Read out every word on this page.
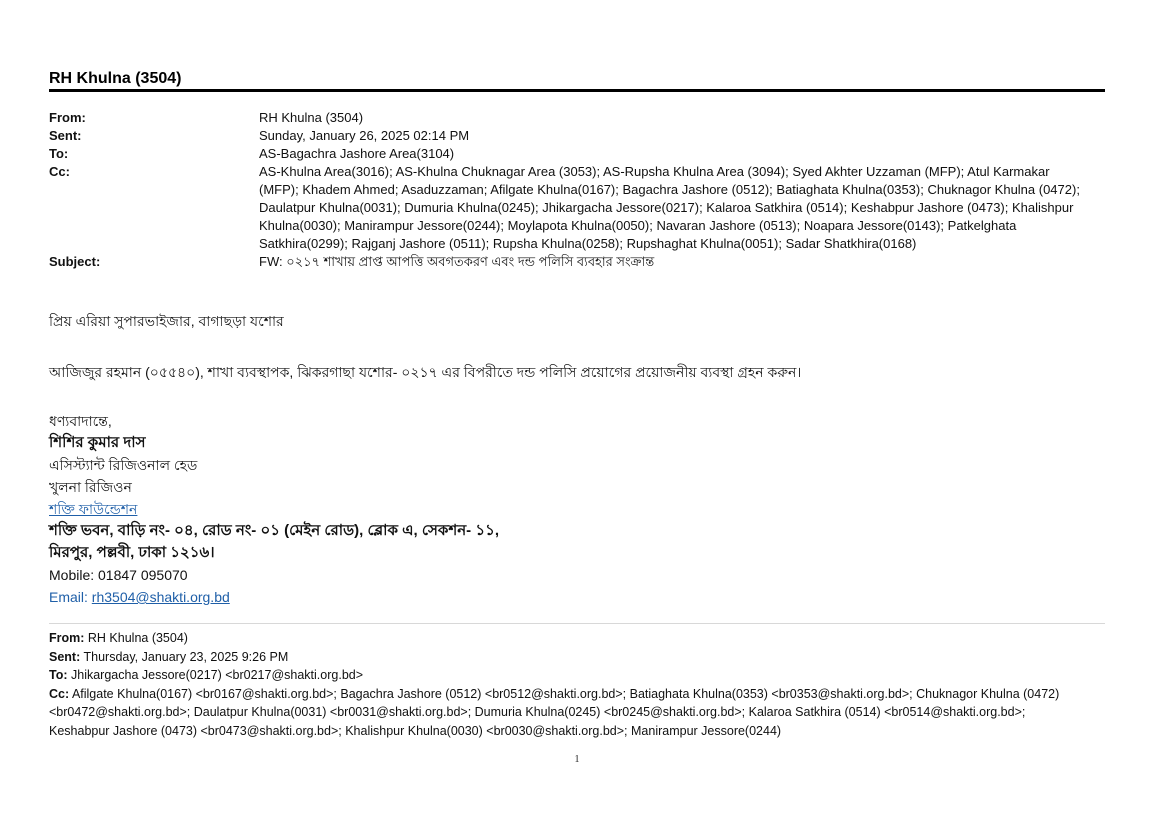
RH Khulna (3504)
From:	RH Khulna (3504)
Sent:	Sunday, January 26, 2025 02:14 PM
To:	AS-Bagachra Jashore Area(3104)
Cc:	AS-Khulna Area(3016); AS-Khulna Chuknagar Area (3053); AS-Rupsha Khulna Area (3094); Syed Akhter Uzzaman (MFP); Atul Karmakar (MFP); Khadem Ahmed; Asaduzzaman; Afilgate Khulna(0167); Bagachra Jashore (0512); Batiaghata Khulna(0353); Chuknagor Khulna (0472); Daulatpur Khulna(0031); Dumuria Khulna(0245); Jhikargacha Jessore(0217); Kalaroa Satkhira (0514); Keshabpur Jashore (0473); Khalishpur Khulna(0030); Manirampur Jessore(0244); Moylapota Khulna(0050); Navaran Jashore (0513); Noapara Jessore(0143); Patkelghata Satkhira(0299); Rajganj Jashore (0511); Rupsha Khulna(0258); Rupshaghat Khulna(0051); Sadar Shatkhira(0168)
Subject:	FW: ০২১৭ শাখায় প্রাপ্ত আপত্তি অবগতকরণ এবং দন্ড পলিসি ব্যবহার সংক্রান্ত
প্রিয় এরিয়া সুপারভাইজার, বাগাছড়া যশোর
আজিজুর রহমান (০৫৫৪০), শাখা ব্যবস্থাপক, ঝিকরগাছা যশোর- ০২১৭ এর বিপরীতে দন্ড পলিসি প্রয়োগের প্রয়োজনীয় ব্যবস্থা গ্রহন করুন।
ধণ্যবাদান্তে,
শিশির কুমার দাস
এসিস্ট্যান্ট রিজিওনাল হেড
খুলনা রিজিওন
শক্তি ফাউন্ডেশন
শক্তি ভবন, বাড়ি নং- ০৪, রোড নং- ০১ (মেইন রোড), ব্লোক এ, সেকশন- ১১,
মিরপুর, পল্লবী, ঢাকা ১২১৬।
Mobile: 01847 095070
Email: rh3504@shakti.org.bd
From: RH Khulna (3504)
Sent: Thursday, January 23, 2025 9:26 PM
To: Jhikargacha Jessore(0217) <br0217@shakti.org.bd>
Cc: Afilgate Khulna(0167) <br0167@shakti.org.bd>; Bagachra Jashore (0512) <br0512@shakti.org.bd>; Batiaghata Khulna(0353) <br0353@shakti.org.bd>; Chuknagor Khulna (0472) <br0472@shakti.org.bd>; Daulatpur Khulna(0031) <br0031@shakti.org.bd>; Dumuria Khulna(0245) <br0245@shakti.org.bd>; Kalaroa Satkhira (0514) <br0514@shakti.org.bd>; Keshabpur Jashore (0473) <br0473@shakti.org.bd>; Khalishpur Khulna(0030) <br0030@shakti.org.bd>; Manirampur Jessore(0244)
1
